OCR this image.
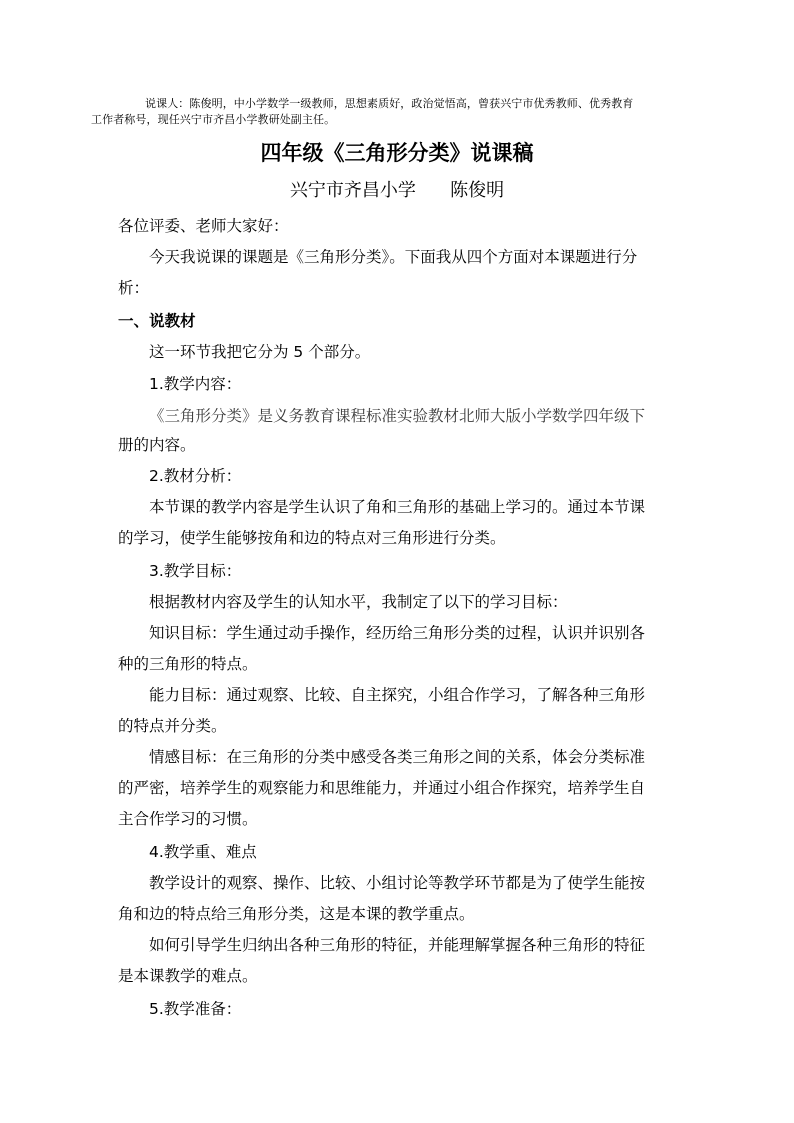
说课人：陈俊明，中小学数学一级教师，思想素质好，政治觉悟高，曾获兴宁市优秀教师、优秀教育
工作者称号，现任兴宁市齐昌小学教研处副主任。
四年级《三角形分类》说课稿
兴宁市齐昌小学      陈俊明
各位评委、老师大家好：
今天我说课的课题是《三角形分类》。下面我从四个方面对本课题进行分
析：
一、说教材
这一环节我把它分为 5 个部分。
1.教学内容：
《三角形分类》是义务教育课程标准实验教材北师大版小学数学四年级下
册的内容。
2.教材分析：
本节课的教学内容是学生认识了角和三角形的基础上学习的。通过本节课
的学习，使学生能够按角和边的特点对三角形进行分类。
3.教学目标：
根据教材内容及学生的认知水平，我制定了以下的学习目标：
知识目标：学生通过动手操作，经历给三角形分类的过程，认识并识别各
种的三角形的特点。
能力目标：通过观察、比较、自主探究，小组合作学习，了解各种三角形
的特点并分类。
情感目标：在三角形的分类中感受各类三角形之间的关系，体会分类标准
的严密，培养学生的观察能力和思维能力，并通过小组合作探究，培养学生自
主合作学习的习惯。
4.教学重、难点
教学设计的观察、操作、比较、小组讨论等教学环节都是为了使学生能按
角和边的特点给三角形分类，这是本课的教学重点。
如何引导学生归纳出各种三角形的特征，并能理解掌握各种三角形的特征
是本课教学的难点。
5.教学准备：
